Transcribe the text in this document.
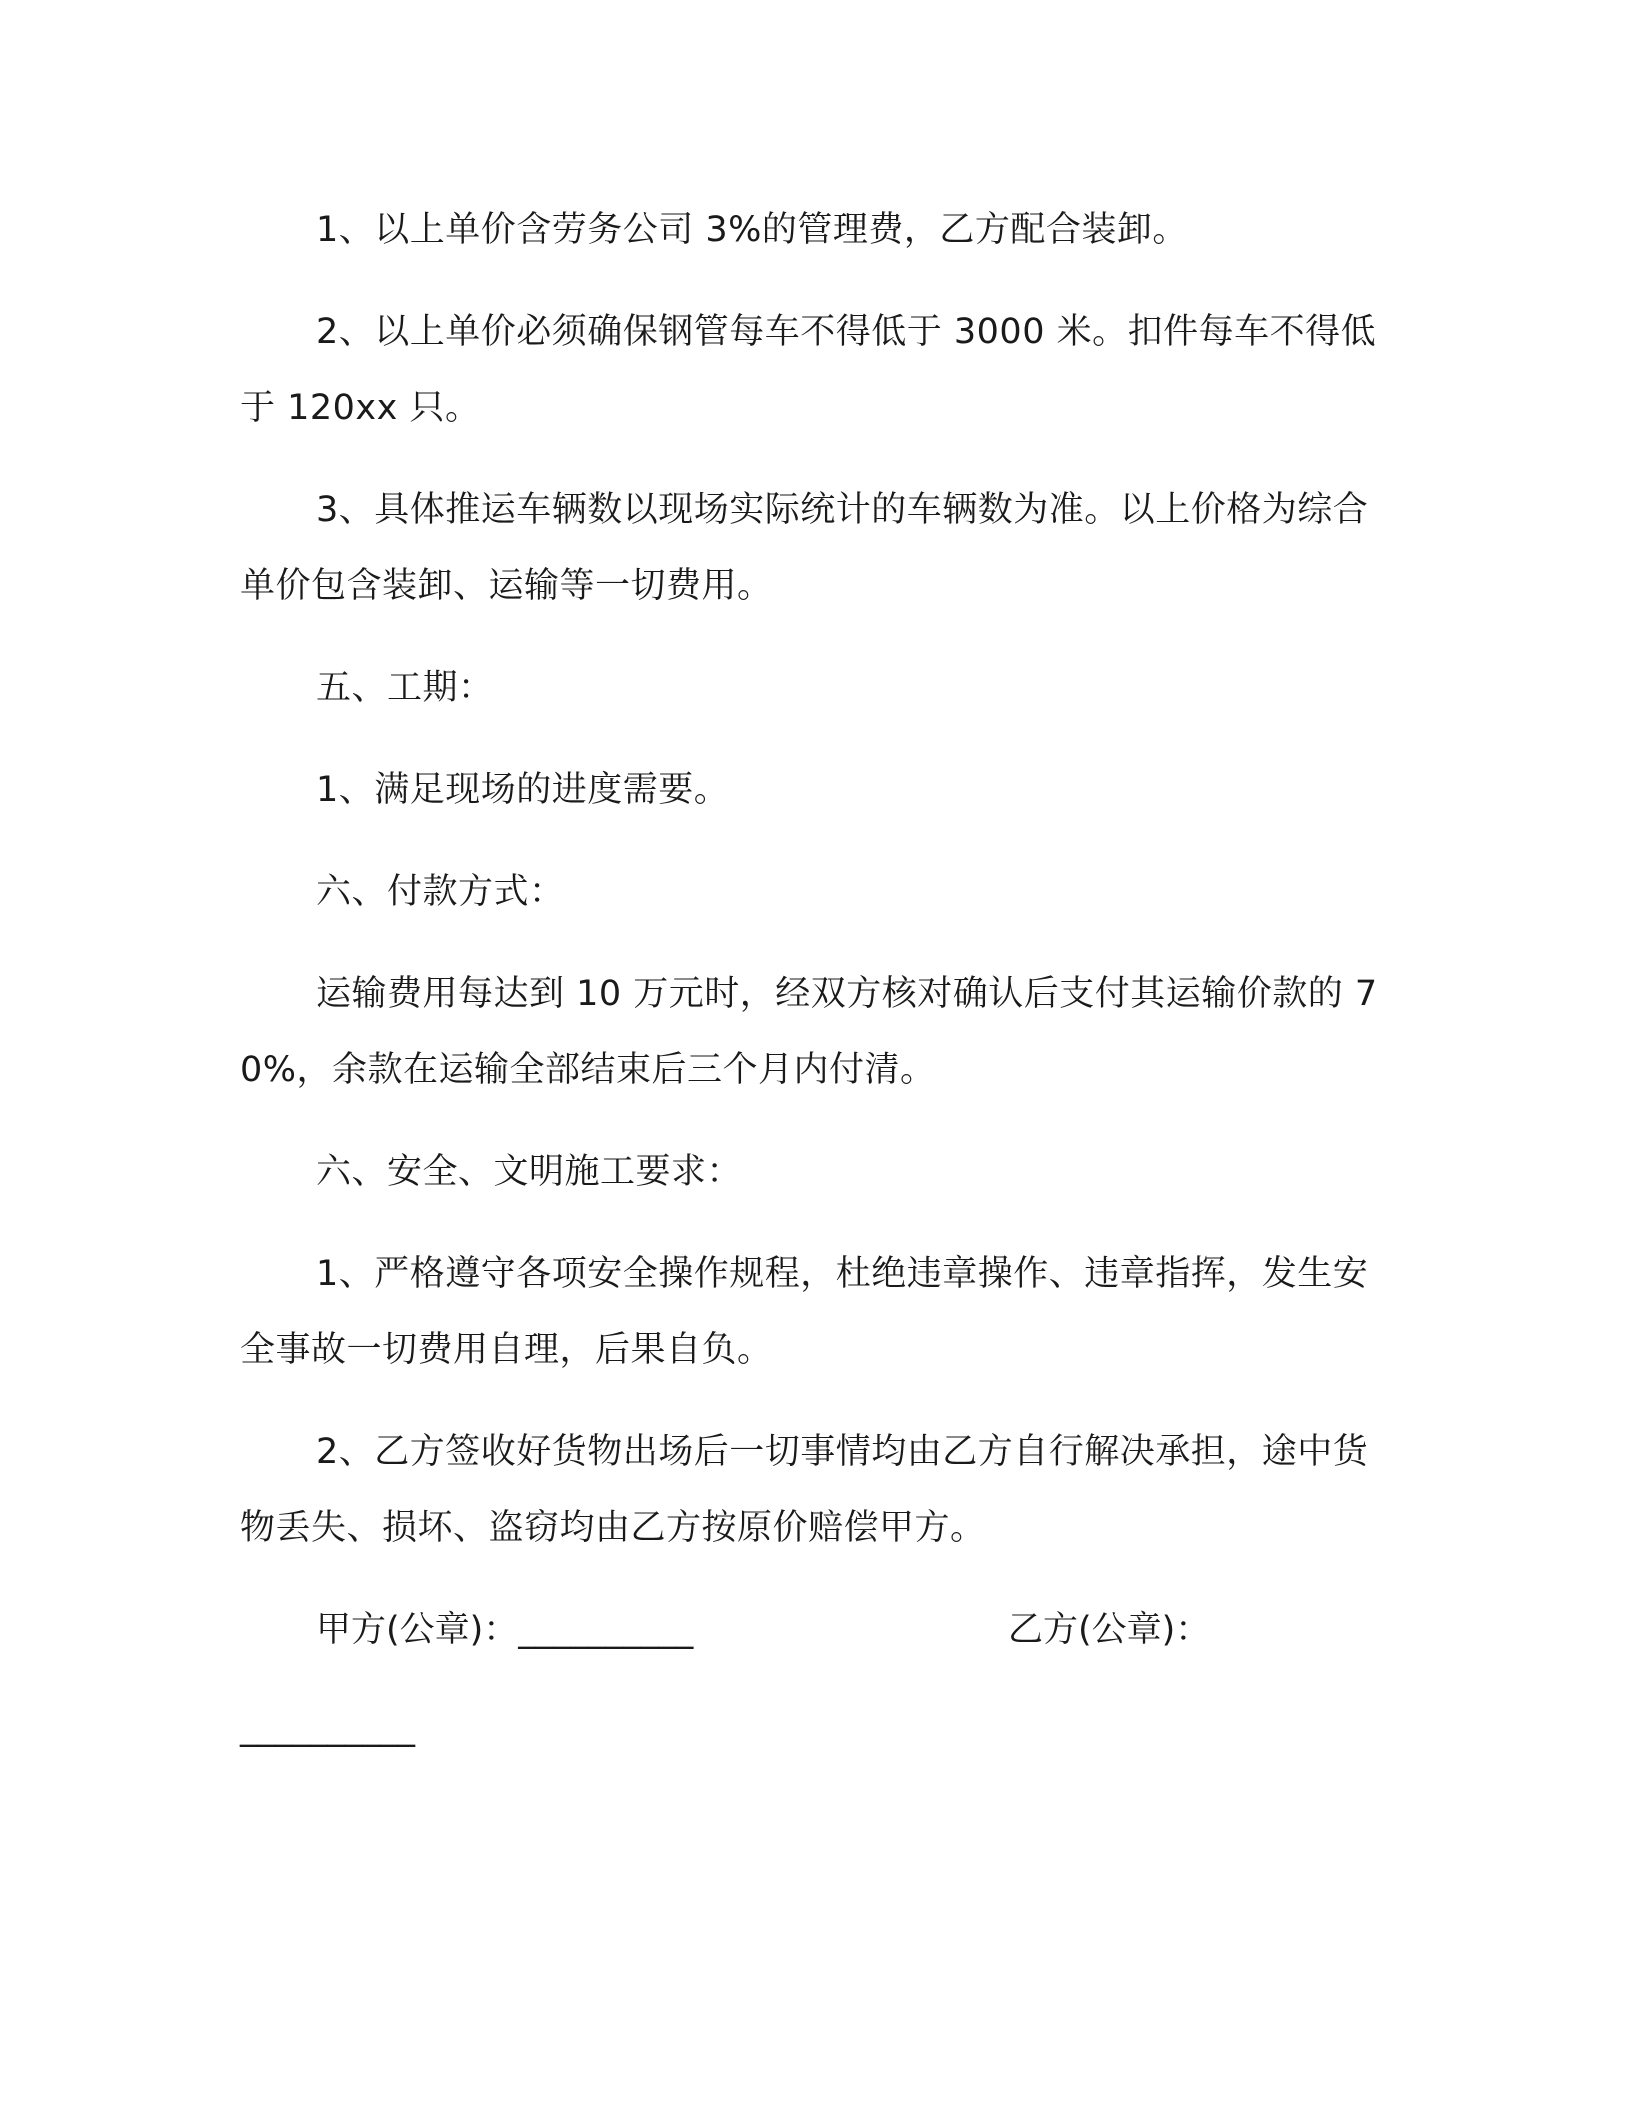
1、以上单价含劳务公司 3%的管理费，乙方配合装卸。

2、以上单价必须确保钢管每车不得低于 3000 米。扣件每车不得低于 120xx 只。

3、具体推运车辆数以现场实际统计的车辆数为准。以上价格为综合单价包含装卸、运输等一切费用。

五、工期：

1、满足现场的进度需要。

六、付款方式：

运输费用每达到 10 万元时，经双方核对确认后支付其运输价款的 70%，余款在运输全部结束后三个月内付清。

六、安全、文明施工要求：

1、严格遵守各项安全操作规程，杜绝违章操作、违章指挥，发生安全事故一切费用自理，后果自负。

2、乙方签收好货物出场后一切事情均由乙方自行解决承担，途中货物丢失、损坏、盗窃均由乙方按原价赔偿甲方。

甲方(公章)：__________	乙方(公章)：
__________
